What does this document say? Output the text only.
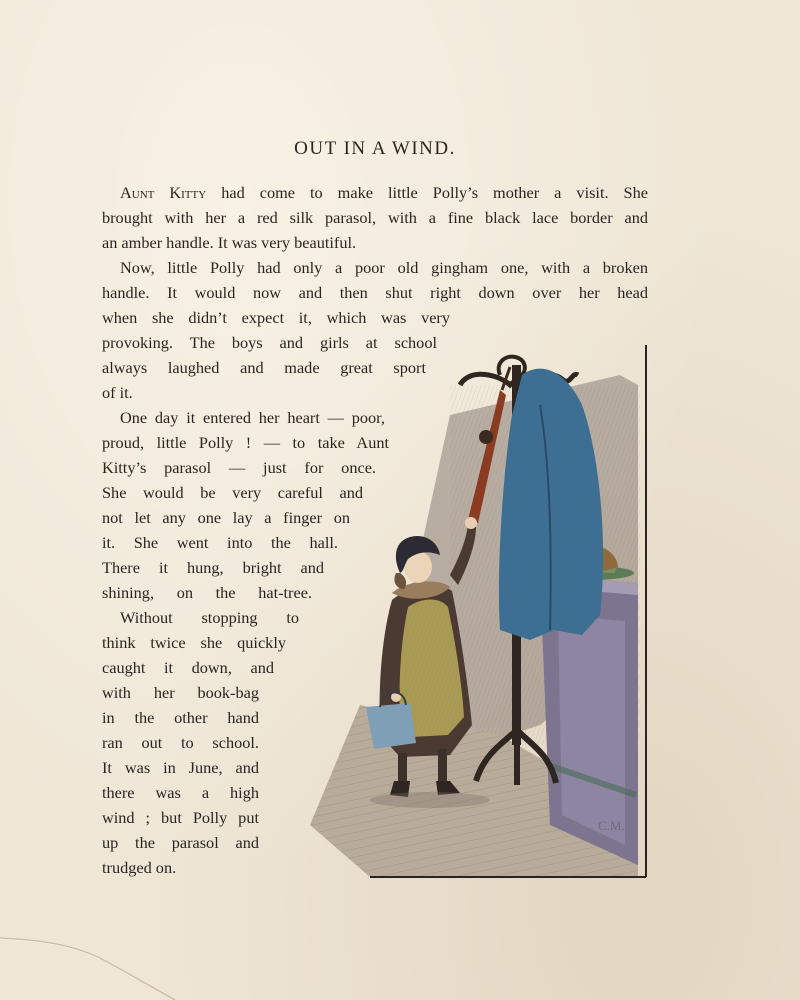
OUT IN A WIND.
Aunt Kitty had come to make little Polly’s mother a visit. She
brought with her a red silk parasol, with a fine black lace border and
an amber handle. It was very beautiful.
Now, little Polly had only a poor old gingham one, with a broken
handle. It would now and then shut right down over her head
when she didn’t expect it, which was very
provoking. The boys and girls at school
always laughed and made great sport
of it.
One day it entered her heart — poor,
proud, little Polly ! — to take Aunt
Kitty’s parasol — just for once.
She would be very careful and
not let any one lay a finger on
it. She went into the hall.
There it hung, bright and
shining, on the hat-tree.
Without stopping to
think twice she quickly
caught it down, and
with her book-bag
in the other hand
ran out to school.
It was in June, and
there was a high
wind ; but Polly put
up the parasol and
trudged on.
C.M.
